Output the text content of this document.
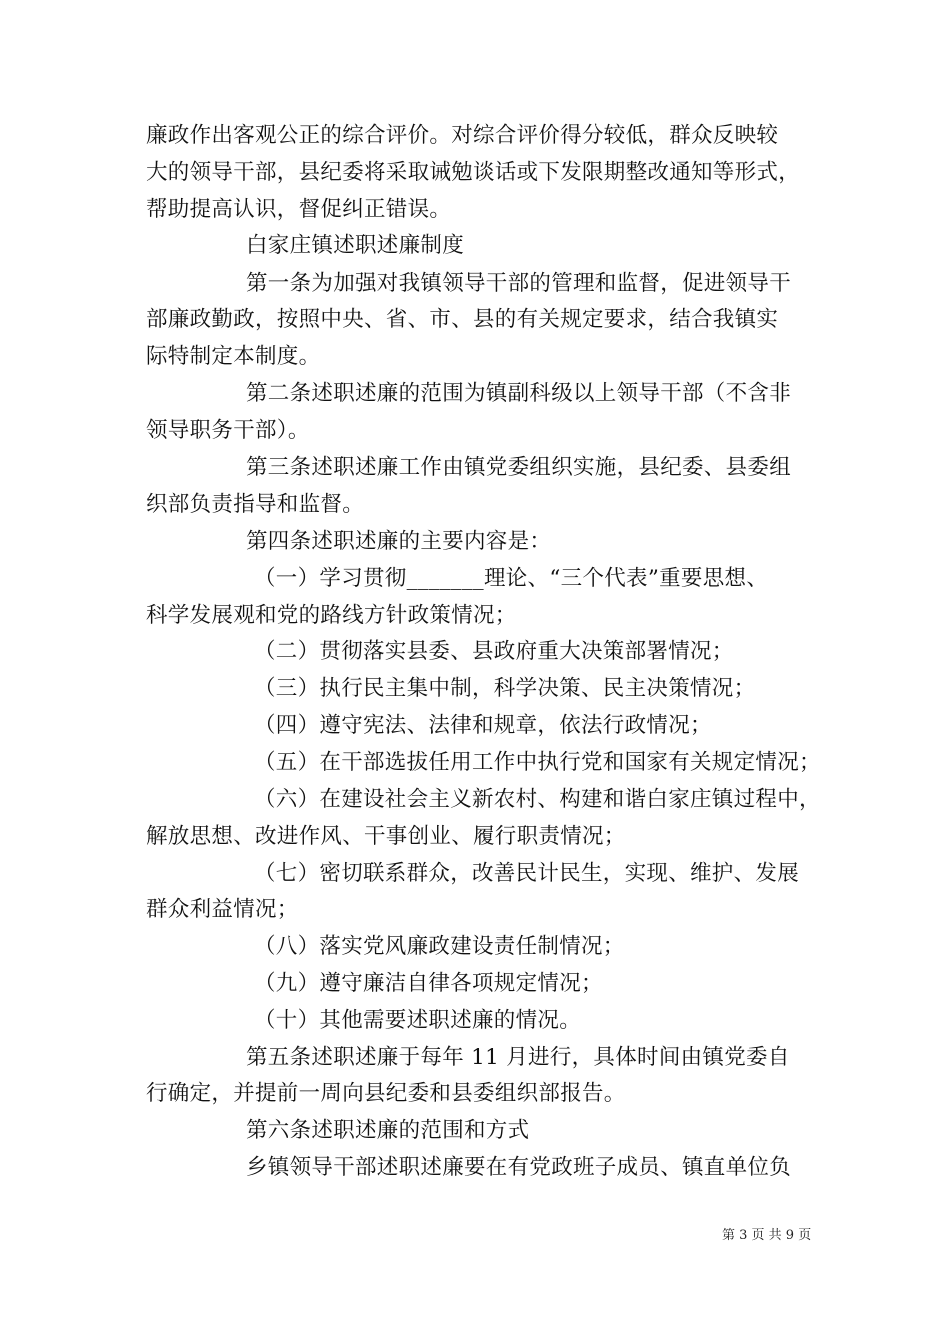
廉政作出客观公正的综合评价。对综合评价得分较低，群众反映较
大的领导干部，县纪委将采取诫勉谈话或下发限期整改通知等形式，
帮助提高认识，督促纠正错误。
白家庄镇述职述廉制度
第一条为加强对我镇领导干部的管理和监督，促进领导干
部廉政勤政，按照中央、省、市、县的有关规定要求，结合我镇实
际特制定本制度。
第二条述职述廉的范围为镇副科级以上领导干部（不含非
领导职务干部）。
第三条述职述廉工作由镇党委组织实施，县纪委、县委组
织部负责指导和监督。
第四条述职述廉的主要内容是：
（一）学习贯彻_______理论、“三个代表”重要思想、
科学发展观和党的路线方针政策情况；
（二）贯彻落实县委、县政府重大决策部署情况；
（三）执行民主集中制，科学决策、民主决策情况；
（四）遵守宪法、法律和规章，依法行政情况；
（五）在干部选拔任用工作中执行党和国家有关规定情况；
（六）在建设社会主义新农村、构建和谐白家庄镇过程中，
解放思想、改进作风、干事创业、履行职责情况；
（七）密切联系群众，改善民计民生，实现、维护、发展
群众利益情况；
（八）落实党风廉政建设责任制情况；
（九）遵守廉洁自律各项规定情况；
（十）其他需要述职述廉的情况。
第五条述职述廉于每年 11 月进行，具体时间由镇党委自
行确定，并提前一周向县纪委和县委组织部报告。
第六条述职述廉的范围和方式
乡镇领导干部述职述廉要在有党政班子成员、镇直单位负
第 3 页 共 9 页
